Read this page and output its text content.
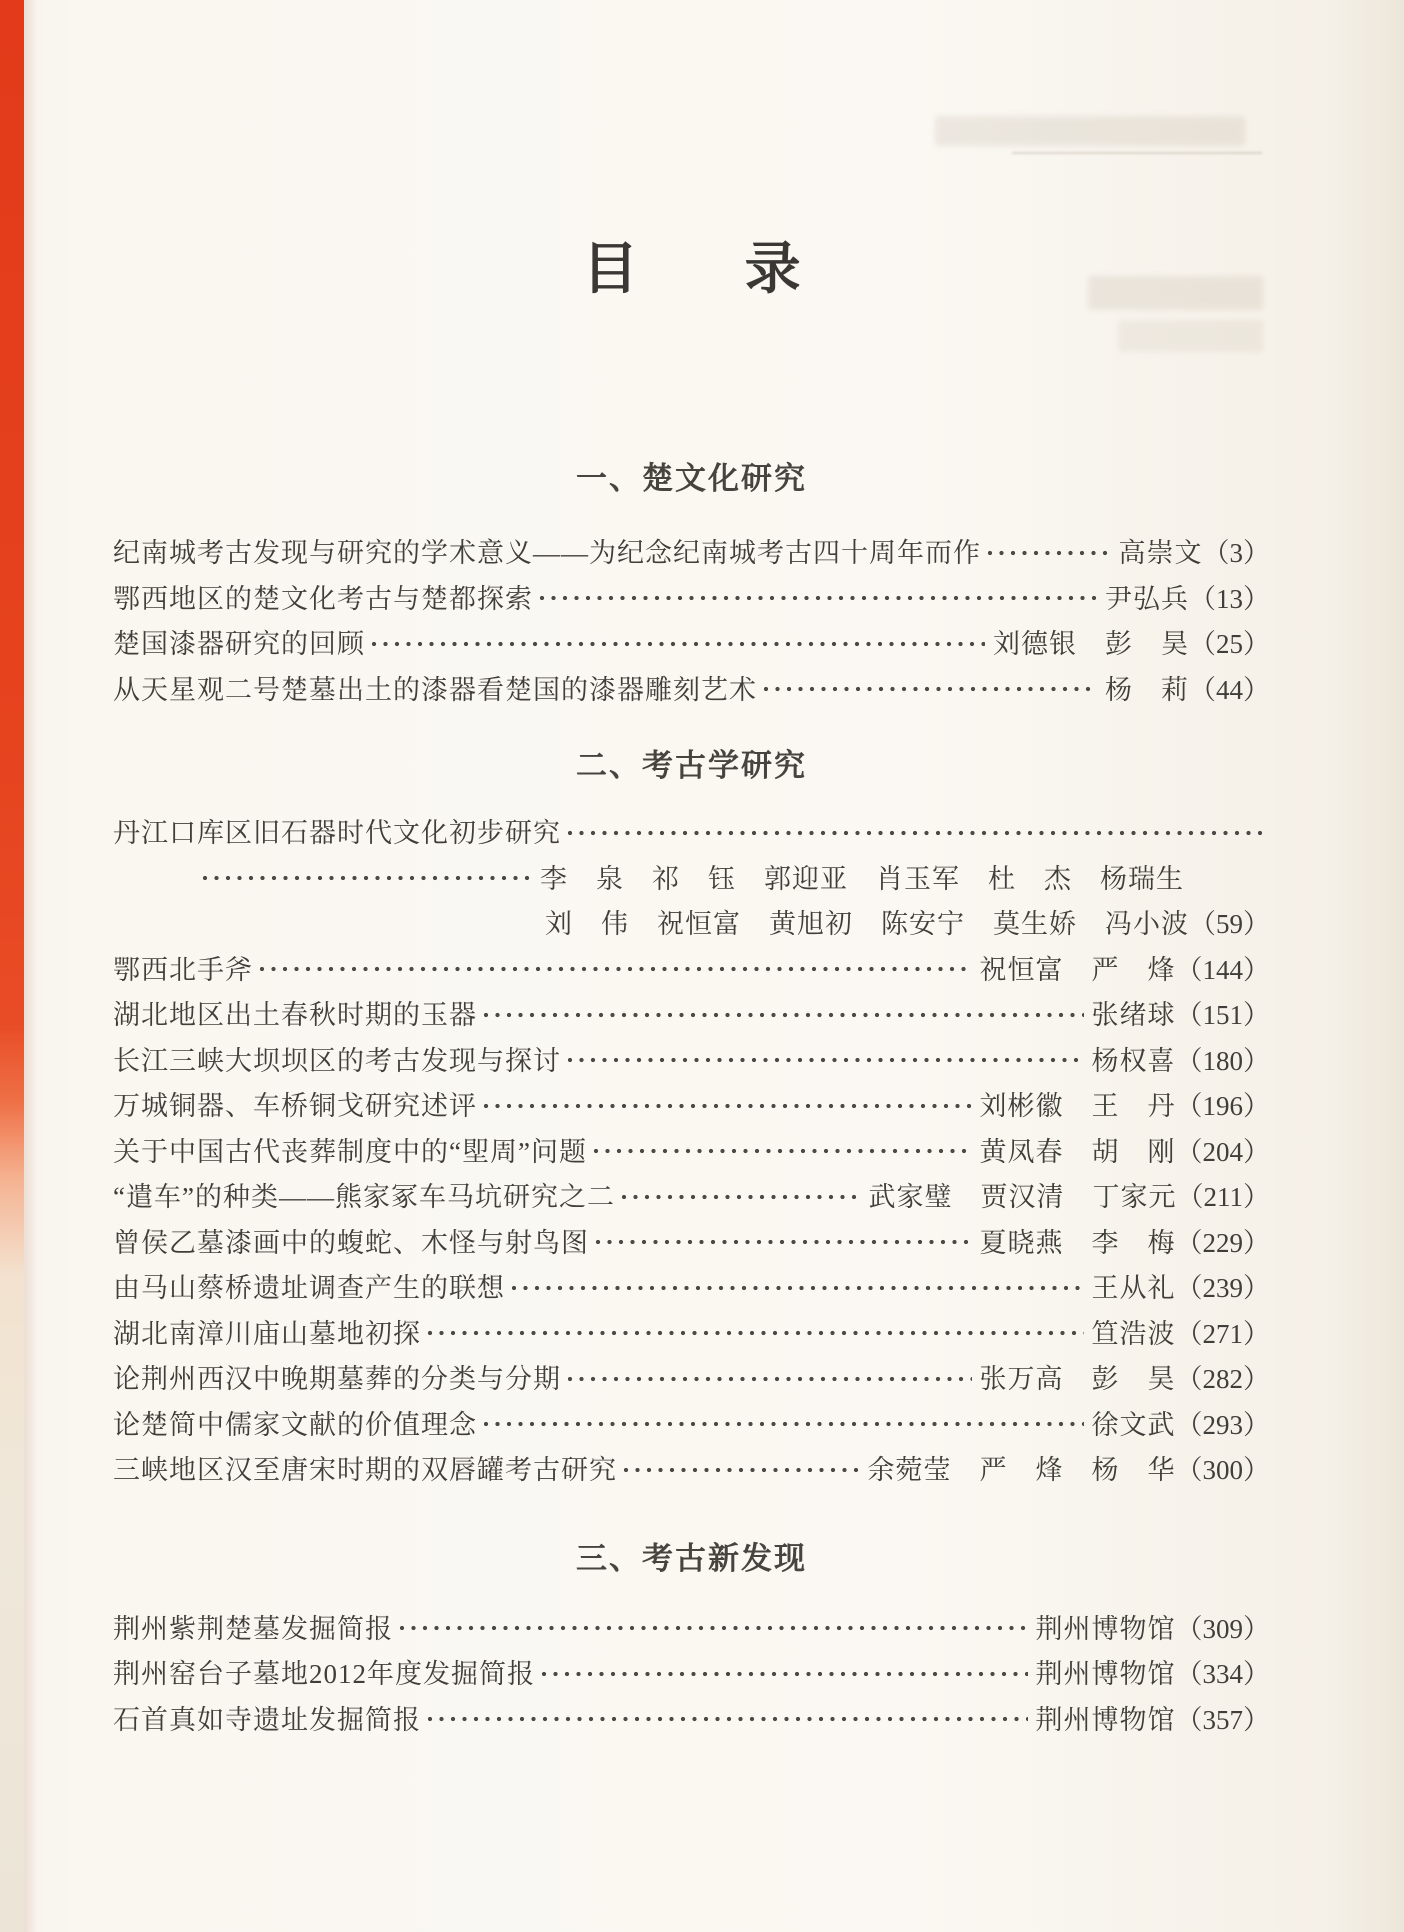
目　录
一、楚文化研究
纪南城考古发现与研究的学术意义——为纪念纪南城考古四十周年而作	高崇文 （3）
鄂西地区的楚文化考古与楚都探索	尹弘兵 （13）
楚国漆器研究的回顾	刘德银　彭　昊 （25）
从天星观二号楚墓出土的漆器看楚国的漆器雕刻艺术	杨　莉 （44）
二、考古学研究
丹江口库区旧石器时代文化初步研究
李　泉　祁　钰　郭迎亚　肖玉军　杜　杰　杨瑞生
刘　伟　祝恒富　黄旭初　陈安宁　莫生娇　冯小波 （59）
鄂西北手斧	祝恒富　严　烽 （144）
湖北地区出土春秋时期的玉器	张绪球 （151）
长江三峡大坝坝区的考古发现与探讨	杨权喜 （180）
万城铜器、车桥铜戈研究述评	刘彬徽　王　丹 （196）
关于中国古代丧葬制度中的“堲周”问题	黄凤春　胡　刚 （204）
“遣车”的种类——熊家冢车马坑研究之二	武家璧　贾汉清　丁家元 （211）
曾侯乙墓漆画中的蝮蛇、木怪与射鸟图	夏晓燕　李　梅 （229）
由马山蔡桥遗址调查产生的联想	王从礼 （239）
湖北南漳川庙山墓地初探	笪浩波 （271）
论荆州西汉中晚期墓葬的分类与分期	张万高　彭　昊 （282）
论楚简中儒家文献的价值理念	徐文武 （293）
三峡地区汉至唐宋时期的双唇罐考古研究	余菀莹　严　烽　杨　华 （300）
三、考古新发现
荆州紫荆楚墓发掘简报	荆州博物馆 （309）
荆州窑台子墓地2012年度发掘简报	荆州博物馆 （334）
石首真如寺遗址发掘简报	荆州博物馆 （357）
